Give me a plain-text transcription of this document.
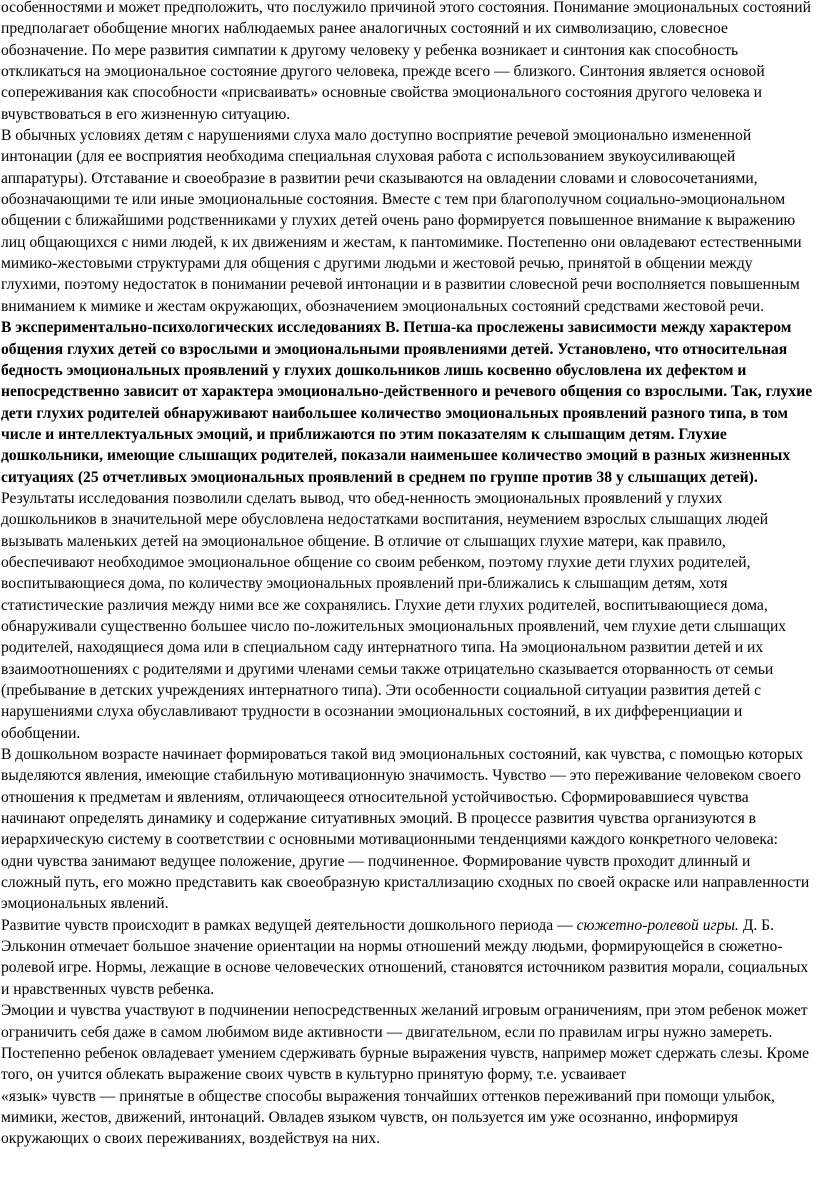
особенностями и может предположить, что послужило причиной этого состояния. Понимание эмоциональных состояний предполагает обобщение многих наблюдаемых ранее аналогичных состояний и их символизацию, словесное обозначение. По мере развития симпатии к другому человеку у ребенка возникает и синтония как способность откликаться на эмоциональное состояние другого человека, прежде всего — близкого. Синтония является основой сопереживания как способности «присваивать» основные свойства эмоционального состояния другого человека и вчувствоваться в его жизненную ситуацию.

В обычных условиях детям с нарушениями слуха мало доступно восприятие речевой эмоционально измененной интонации (для ее восприятия необходима специальная слуховая работа с использованием звукоусиливающей аппаратуры). Отставание и своеобразие в развитии речи сказываются на овладении словами и словосочетаниями, обозначающими те или иные эмоциональные состояния. Вместе с тем при благополучном социально-эмоциональном общении с ближайшими родственниками у глухих детей очень рано формируется повышенное внимание к выражению лиц общающихся с ними людей, к их движениям и жестам, к пантомимике. Постепенно они овладевают естественными мимико-жестовыми структурами для общения с другими людьми и жестовой речью, принятой в общении между глухими, поэтому недостаток в понимании речевой интонации и в развитии словесной речи восполняется повышенным вниманием к мимике и жестам окружающих, обозначением эмоциональных состояний средствами жестовой речи.

В экспериментально-психологических исследованиях В. Петша-ка прослежены зависимости между характером общения глухих детей со взрослыми и эмоциональными проявлениями детей. Установлено, что относительная бедность эмоциональных проявлений у глухих дошкольников лишь косвенно обусловлена их дефектом и непосредственно зависит от характера эмоционально-действенного и речевого общения со взрослыми. Так, глухие дети глухих родителей обнаруживают наибольшее количество эмоциональных проявлений разного типа, в том числе и интеллектуальных эмоций, и приближаются по этим показателям к слышащим детям. Глухие дошкольники, имеющие слышащих родителей, показали наименьшее количество эмоций в разных жизненных ситуациях (25 отчетливых эмоциональных проявлений в среднем по группе против 38 у слышащих детей).

Результаты исследования позволили сделать вывод, что обед-ненность эмоциональных проявлений у глухих дошкольников в значительной мере обусловлена недостатками воспитания, неумением взрослых слышащих людей вызывать маленьких детей на эмоциональное общение. В отличие от слышащих глухие матери, как правило, обеспечивают необходимое эмоциональное общение со своим ребенком, поэтому глухие дети глухих родителей, воспитывающиеся дома, по количеству эмоциональных проявлений при-ближались к слышащим детям, хотя статистические различия между ними все же сохранялись. Глухие дети глухих родителей, воспитывающиеся дома, обнаруживали существенно большее число по-ложительных эмоциональных проявлений, чем глухие дети слышащих родителей, находящиеся дома или в специальном саду интернатного типа. На эмоциональном развитии детей и их взаимоотношениях с родителями и другими членами семьи также отрицательно сказывается оторванность от семьи (пребывание в детских учреждениях интернатного типа). Эти особенности социальной ситуации развития детей с нарушениями слуха обуславливают трудности в осознании эмоциональных состояний, в их дифференциации и обобщении.

В дошкольном возрасте начинает формироваться такой вид эмоциональных состояний, как чувства, с помощью которых выделяются явления, имеющие стабильную мотивационную значимость. Чувство — это переживание человеком своего отношения к предметам и явлениям, отличающееся относительной устойчивостью. Сформировавшиеся чувства начинают определять динамику и содержание ситуативных эмоций. В процессе развития чувства организуются в иерархическую систему в соответствии с основными мотивационными тенденциями каждого конкретного человека: одни чувства занимают ведущее положение, другие — подчиненное. Формирование чувств проходит длинный и сложный путь, его можно представить как своеобразную кристаллизацию сходных по своей окраске или направленности эмоциональных явлений.

Развитие чувств происходит в рамках ведущей деятельности дошкольного периода — сюжетно-ролевой игры. Д. Б. Эльконин отмечает большое значение ориентации на нормы отношений между людьми, формирующейся в сюжетно-ролевой игре. Нормы, лежащие в основе человеческих отношений, становятся источником развития морали, социальных и нравственных чувств ребенка.

Эмоции и чувства участвуют в подчинении непосредственных желаний игровым ограничениям, при этом ребенок может ограничить себя даже в самом любимом виде активности — двигательном, если по правилам игры нужно замереть. Постепенно ребенок овладевает умением сдерживать бурные выражения чувств, например может сдержать слезы. Кроме того, он учится облекать выражение своих чувств в культурно принятую форму, т.е. усваивает

«язык» чувств — принятые в обществе способы выражения тончайших оттенков переживаний при помощи улыбок, мимики, жестов, движений, интонаций. Овладев языком чувств, он пользуется им уже осознанно, информируя окружающих о своих переживаниях, воздействуя на них.
